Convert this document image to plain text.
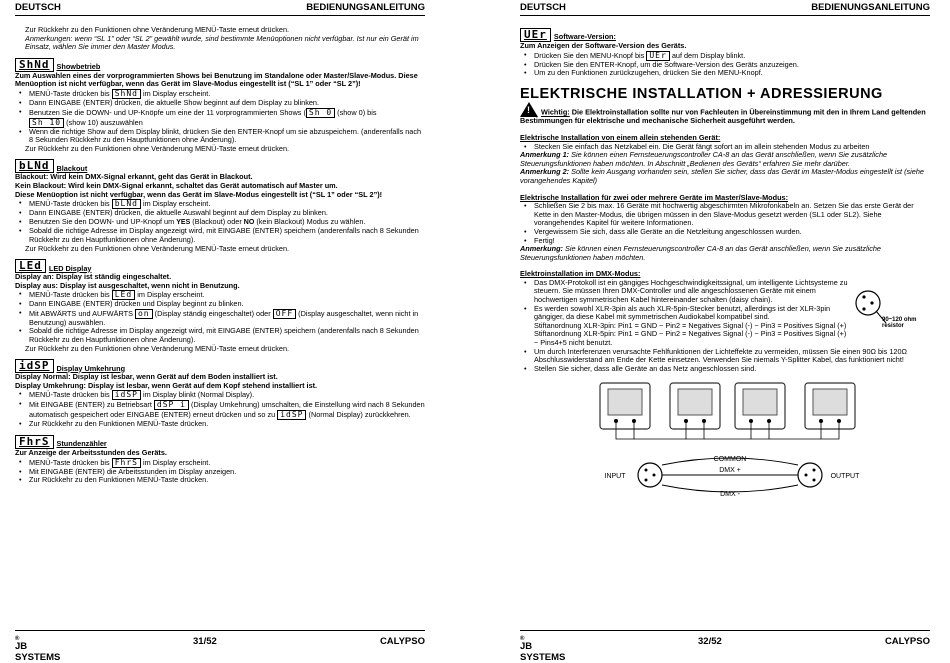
DEUTSCH	BEDIENUNGSANLEITUNG

Zur Rückkehr zu den Funktionen ohne Veränderung MENÜ-Taste erneut drücken.

Anmerkungen: wenn “SL 1” oder “SL 2” gewählt wurde, sind bestimmte Menüoptionen nicht verfügbar. Ist nur ein Gerät im Einsatz, wählen Sie immer den Master Modus.

ShNd Showbetrieb

Zum Auswahlen eines der vorprogrammierten Shows bei Benutzung im Standalone oder Master/Slave-Modus. Diese Menüoption ist nicht verfügbar, wenn das Gerät im Slave-Modus eingestellt ist (“SL 1” oder “SL 2”)!

• MENÜ-Taste drücken bis ShNd im Display erscheint.
• Dann EINGABE (ENTER) drücken, die aktuelle Show beginnt auf dem Display zu blinken.
• Benutzen Sie die DOWN- und UP-Knöpfe um eine der 11 vorprogrammierten Shows ( Sh 0 (show 0) bis
Sh 10 (show 10) auszuwählen
• Wenn die richtige Show auf dem Display blinkt, drücken Sie den ENTER-Knopf um sie abzuspeichern. (anderenfalls nach 8 Sekunden Rückkehr zu den Hauptfunktionen ohne Änderung).

Zur Rückkehr zu den Funktionen ohne Veränderung MENÜ-Taste erneut drücken.

bLNd Blackout

Blackout: Wird kein DMX-Signal erkannt, geht das Gerät in Blackout.

Kein Blackout: Wird kein DMX-Signal erkannt, schaltet das Gerät automatisch auf Master um.

Diese Menüoption ist nicht verfügbar, wenn das Gerät im Slave-Modus eingestellt ist (“SL 1” oder “SL 2”)!

• MENÜ-Taste drücken bis bLNd im Display erscheint.
• Dann EINGABE (ENTER) drücken, die aktuelle Auswahl beginnt auf dem Display zu blinken.
• Benutzen Sie den DOWN- und UP-Knopf um YES (Blackout) oder NO (kein Blackout) Modus zu wählen.
• Sobald die richtige Adresse im Display angezeigt wird, mit EINGABE (ENTER) speichern (anderenfalls nach 8 Sekunden Rückkehr zu den Hauptfunktionen ohne Änderung).

Zur Rückkehr zu den Funktionen ohne Veränderung MENÜ-Taste erneut drücken.

LEd LED Display

Display an: Display ist ständig eingeschaltet.

Display aus: Display ist ausgeschaltet, wenn nicht in Benutzung.

• MENÜ-Taste drücken bis LEd im Display erscheint.
• Dann EINGABE (ENTER) drücken und Display beginnt zu blinken.
• Mit ABWÄRTS und AUFWÄRTS on (Display ständig eingeschaltet) oder OFF (Display ausgeschaltet, wenn nicht in Benutzung) auswählen.
• Sobald die richtige Adresse im Display angezeigt wird, mit EINGABE (ENTER) speichern (anderenfalls nach 8 Sekunden Rückkehr zu den Hauptfunktionen ohne Änderung).

Zur Rückkehr zu den Funktionen ohne Veränderung MENÜ-Taste erneut drücken.

idSP Display Umkehrung

Display Normal: Display ist lesbar, wenn Gerät auf dem Boden installiert ist.

Display Umkehrung: Display ist lesbar, wenn Gerät auf dem Kopf stehend installiert ist.

• MENÜ-Taste drücken bis idSP im Display blinkt (Normal Display).
• Mit EINGABE (ENTER) zu Betriebsart dSP i (Display Umkehrung) umschalten, die Einstellung wird nach 8 Sekunden automatisch gespeichert oder EINGABE (ENTER) erneut drücken und so zu idSP (Normal Display) zurückkehren.
• Zur Rückkehr zu den Funktionen MENÜ-Taste drücken.
FhrS Stundenzähler

Zur Anzeige der Arbeitsstunden des Geräts.

• MENÜ-Taste drücken bis FhrS im Display erscheint.
• Mit EINGABE (ENTER) die Arbeitsstunden im Display anzeigen.
• Zur Rückkehr zu den Funktionen MENÜ-Taste drücken.
JB SYSTEMS
®	31/52	CALYPSO
DEUTSCH	BEDIENUNGSANLEITUNG
UEr Software-Version:

Zum Anzeigen der Software-Version des Geräts.

• Drücken Sie den MENU-Knopf bis UEr auf dem Display blinkt.
• Drücken Sie den ENTER-Knopf, um die Software-Version des Geräts anzuzeigen.
• Um zu den Funktionen zurückzugehen, drücken Sie den MENU-Knopf.
ELEKTRISCHE INSTALLATION + ADRESSIERUNG

!Wichtig: Die Elektroinstallation sollte nur von Fachleuten in Übereinstimmung mit den in Ihrem Land geltenden Bestimmungen für elektrische und mechanische Sicherheit ausgeführt werden.

Elektrische Installation von einem allein stehenden Gerät:
• Stecken Sie einfach das Netzkabel ein. Die Gerät fängt sofort an im allein stehenden Modus zu arbeiten

Anmerkung 1: Sie können einen Fernsteuerungscontroller CA-8 an das Gerät anschließen, wenn Sie zusätzliche Steuerungsfunktionen haben möchten. In Abschnitt „Bedienen des Geräts“ erfahren Sie mehr darüber.

Anmerkung 2: Sollte kein Ausgang vorhanden sein, stellen Sie sicher, dass das Gerät im Master-Modus eingestellt ist (siehe vorangehendes Kapitel)

Elektrische Installation für zwei oder mehrere Geräte im Master/Slave-Modus:
• Schließen Sie 2 bis max. 16 Geräte mit hochwertig abgeschirmten Mikrofonkabeln an. Setzen Sie das erste Gerät der Kette in den Master-Modus, die übrigen müssen in den Slave-Modus gesetzt werden (SL1 oder SL2). Siehe vorangehendes Kapitel für weitere Informationen.
• Vergewissern Sie sich, dass alle Geräte an die Netzleitung angeschlossen wurden.
• Fertig!

Anmerkung: Sie können einen Fernsteuerungscontroller CA-8 an das Gerät anschließen, wenn Sie zusätzliche Steuerungsfunktionen haben möchten.

Elektroinstallation im DMX-Modus:
• Das DMX-Protokoll ist ein gängiges Hochgeschwindigkeitssignal, um intelligente Lichtsysteme zu steuern. Sie müssen Ihren DMX-Controller und alle angeschlossenen Geräte mit einem hochwertigen symmetrischen Kabel hintereinander schalten (daisy chain).
• Es werden sowohl XLR-3pin als auch XLR-5pin-Stecker benutzt, allerdings ist der XLR-3pin gängiger, da diese Kabel mit symmetrischen Audiokabel kompatibel sind.
Stiftanordnung XLR-3pin: Pin1 = GND ~ Pin2 = Negatives Signal (-) ~ Pin3 = Positives Signal (+)
Stiftanordnung XLR-5pin: Pin1 = GND ~ Pin2 = Negatives Signal (-) ~ Pin3 = Positives Signal (+) ~ Pins4+5 nicht benutzt.
90~120 ohm resistor
• Um durch Interferenzen verursachte Fehlfunktionen der Lichteffekte zu vermeiden, müssen Sie einen 90Ω bis 120Ω Abschlusswiderstand am Ende der Kette einsetzen. Verwenden Sie niemals Y-Splitter Kabel, das funktioniert nicht!
• Stellen Sie sicher, dass alle Geräte an das Netz angeschlossen sind.
COMMON
DMX +
DMX -
INPUT	OUTPUT
JB SYSTEMS
®	32/52	CALYPSO
